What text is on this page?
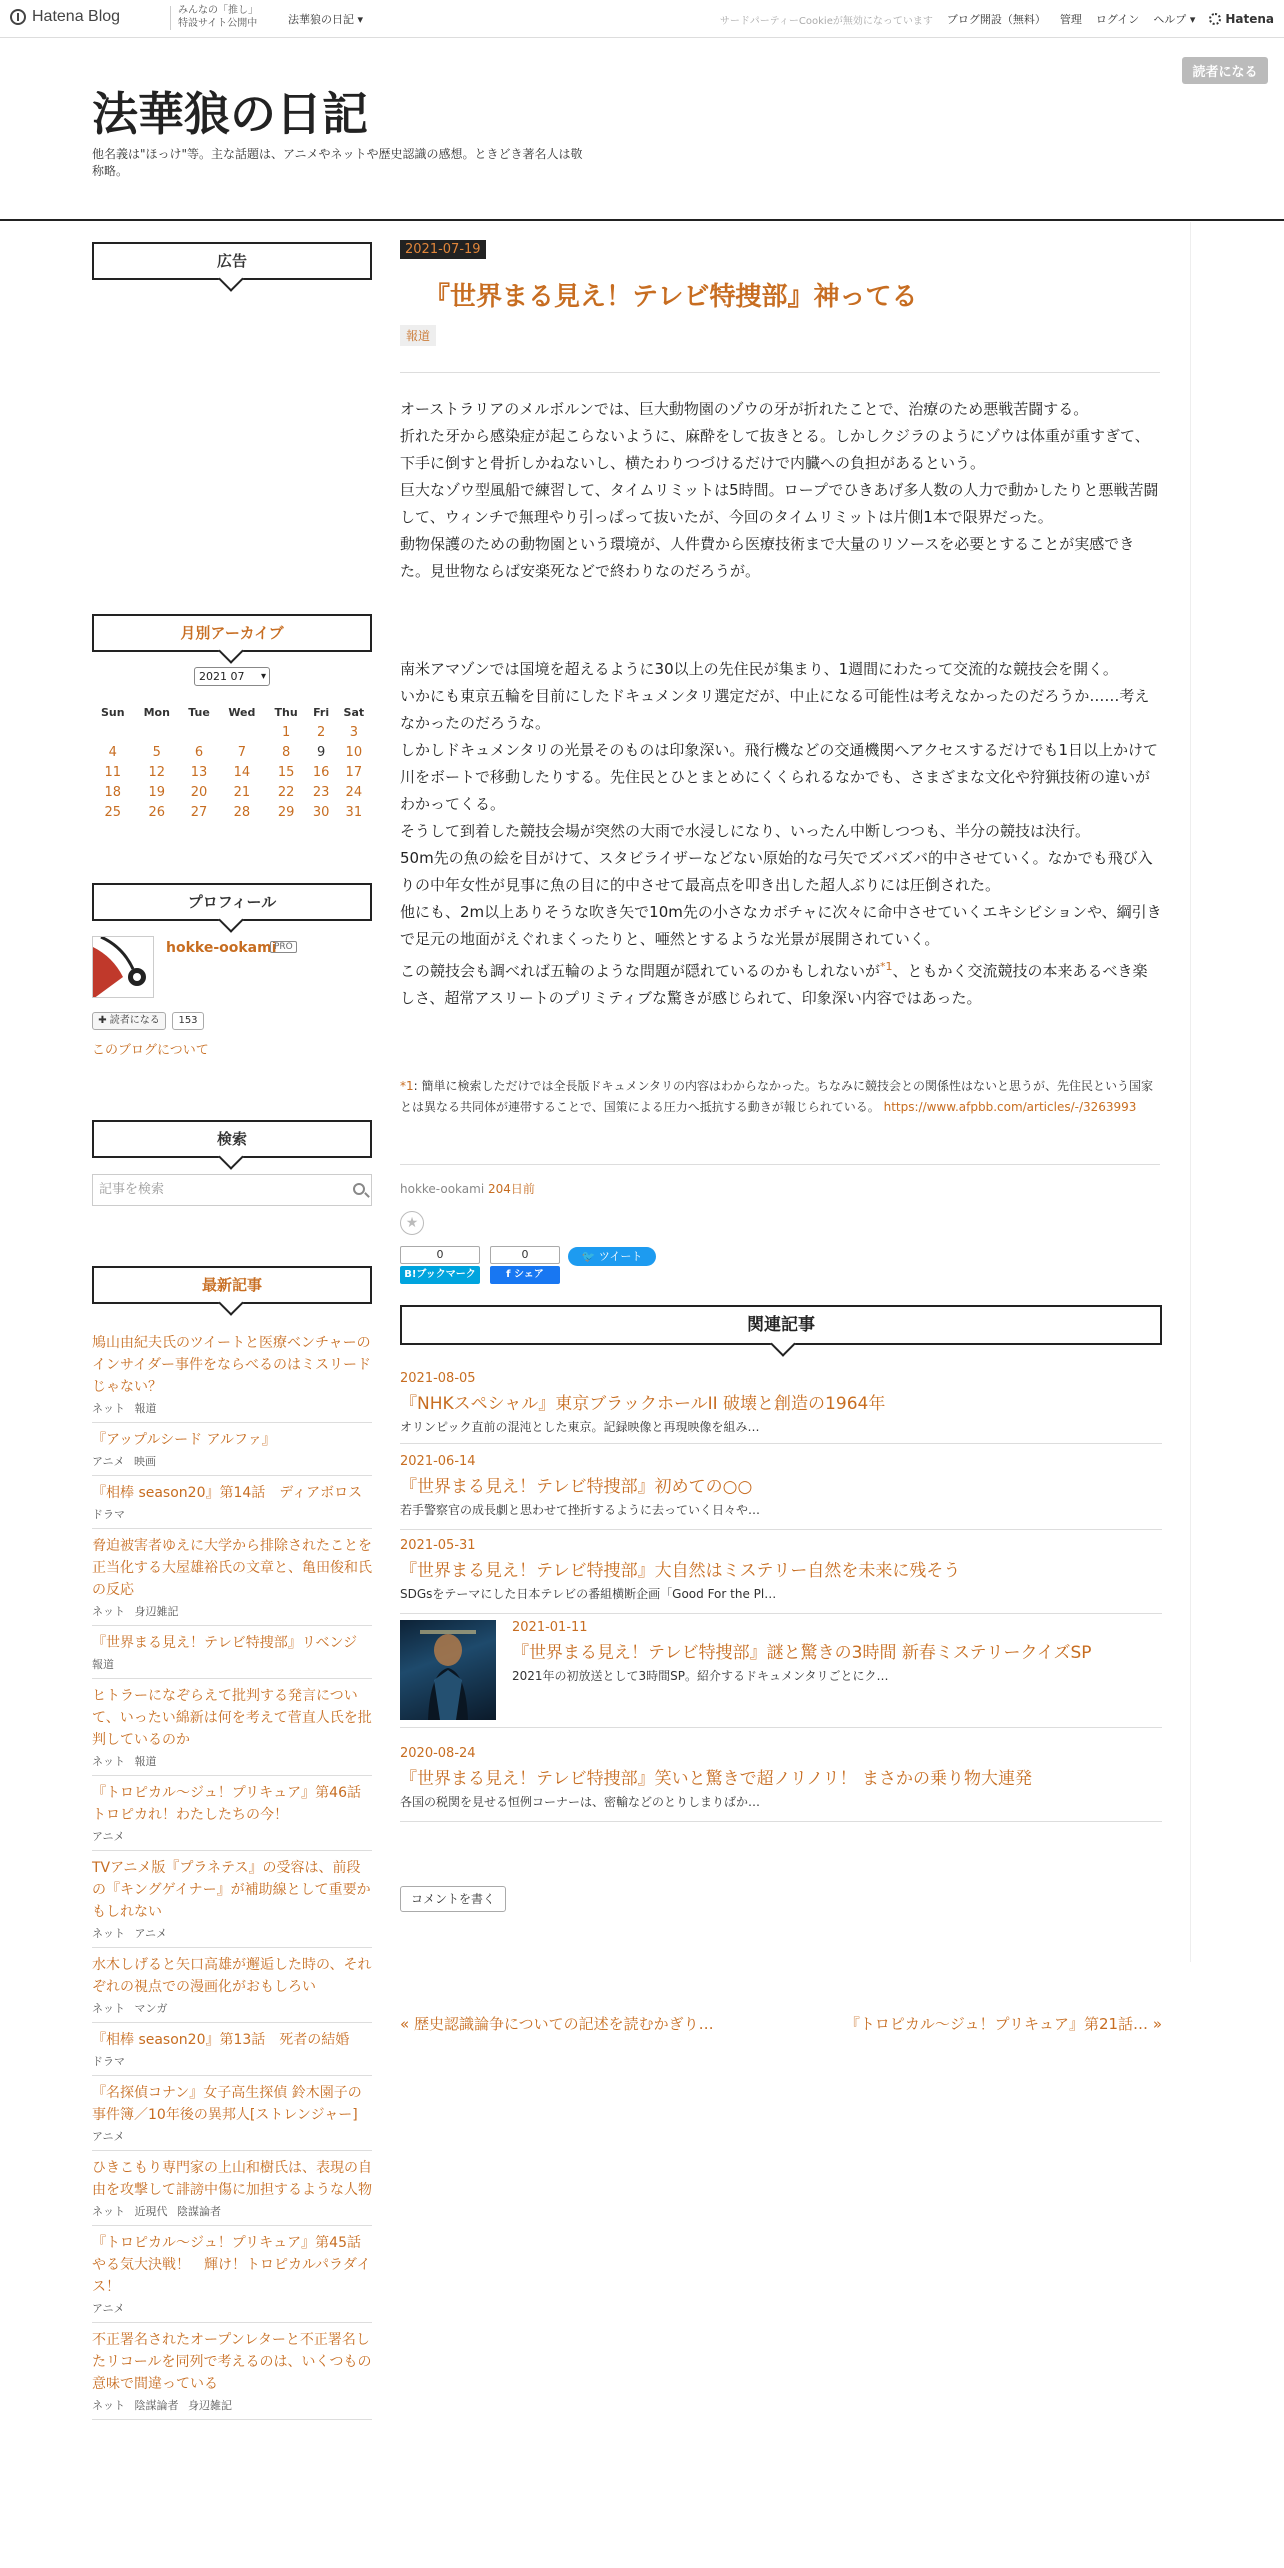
Hatena Blog	みんなの「推し」
特設サイト公開中	法華狼の日記 ▾	サードパーティーCookieが無効になっています ブログ開設（無料） 管理 ログイン ヘルプ ▾	Hatena
読者になる
法華狼の日記
他名義は"ほっけ"等。主な話題は、アニメやネットや歴史認識の感想。ときどき著名人は敬称略。
広告
月別アーカイブ
2021 07 ▾
Sun	Mon	Tue	Wed	Thu	Fri	Sat
				1	2	3
4	5	6	7	8	9	10
11	12	13	14	15	16	17
18	19	20	21	22	23	24
25	26	27	28	29	30	31
プロフィール
hokke-ookami
PRO
✚ 読者になる	153
このブログについて
検索
記事を検索
最新記事
鳩山由紀夫氏のツイートと医療ベンチャーのインサイダー事件をならべるのはミスリードじゃない？
ネット 報道
『アップルシード アルファ』
アニメ 映画
『相棒 season20』第14話　ディアボロス
ドラマ
脅迫被害者ゆえに大学から排除されたことを正当化する大屋雄裕氏の文章と、亀田俊和氏の反応
ネット 身辺雑記
『世界まる見え！テレビ特捜部』リベンジ
報道
ヒトラーになぞらえて批判する発言について、いったい綿新は何を考えて菅直人氏を批判しているのか
ネット 報道
『トロピカル～ジュ！プリキュア』第46話　トロピカれ！わたしたちの今！
アニメ
TVアニメ版『プラネテス』の受容は、前段の『キングゲイナー』が補助線として重要かもしれない
ネット アニメ
水木しげると矢口高雄が邂逅した時の、それぞれの視点での漫画化がおもしろい
ネット マンガ
『相棒 season20』第13話　死者の結婚
ドラマ
『名探偵コナン』女子高生探偵 鈴木園子の事件簿／10年後の異邦人[ストレンジャー]
アニメ
ひきこもり専門家の上山和樹氏は、表現の自由を攻撃して誹謗中傷に加担するような人物
ネット 近現代 陰謀論者
『トロピカル～ジュ！プリキュア』第45話　やる気大決戦！　輝け！トロピカルパラダイス！
アニメ
不正署名されたオープンレターと不正署名したリコールを同列で考えるのは、いくつもの意味で間違っている
ネット 陰謀論者 身辺雑記
2021-07-19
『世界まる見え！テレビ特捜部』神ってる
報道

オーストラリアのメルボルンでは、巨大動物園のゾウの牙が折れたことで、治療のため悪戦苦闘する。

折れた牙から感染症が起こらないように、麻酔をして抜きとる。しかしクジラのようにゾウは体重が重すぎて、下手に倒すと骨折しかねないし、横たわりつづけるだけで内臓への負担があるという。

巨大なゾウ型風船で練習して、タイムリミットは5時間。ロープでひきあげ多人数の人力で動かしたりと悪戦苦闘して、ウィンチで無理やり引っぱって抜いたが、今回のタイムリミットは片側1本で限界だった。

動物保護のための動物園という環境が、人件費から医療技術まで大量のリソースを必要とすることが実感できた。見世物ならば安楽死などで終わりなのだろうが。

南米アマゾンでは国境を超えるように30以上の先住民が集まり、1週間にわたって交流的な競技会を開く。

いかにも東京五輪を目前にしたドキュメンタリ選定だが、中止になる可能性は考えなかったのだろうか……考えなかったのだろうな。

しかしドキュメンタリの光景そのものは印象深い。飛行機などの交通機関へアクセスするだけでも1日以上かけて川をボートで移動したりする。先住民とひとまとめにくくられるなかでも、さまざまな文化や狩猟技術の違いがわかってくる。

そうして到着した競技会場が突然の大雨で水浸しになり、いったん中断しつつも、半分の競技は決行。

50m先の魚の絵を目がけて、スタビライザーなどない原始的な弓矢でズバズバ的中させていく。なかでも飛び入りの中年女性が見事に魚の目に的中させて最高点を叩き出した超人ぶりには圧倒された。

他にも、2m以上ありそうな吹き矢で10m先の小さなカボチャに次々に命中させていくエキシビションや、綱引きで足元の地面がえぐれまくったりと、唖然とするような光景が展開されていく。

この競技会も調べれば五輪のような問題が隠れているのかもしれないが$^{*1}$、ともかく交流競技の本来あるべき楽しさ、超常アスリートのプリミティブな驚きが感じられて、印象深い内容ではあった。

*1: 簡単に検索しただけでは全長版ドキュメンタリの内容はわからなかった。ちなみに競技会との関係性はないと思うが、先住民という国家とは異なる共同体が連帯することで、国策による圧力へ抵抗する動きが報じられている。 https://www.afpbb.com/articles/-/3263993
hokke-ookami 204日前
★
0
B!ブックマーク
0
f シェア
🐦 ツイート
関連記事
2021-08-05
『NHKスペシャル』東京ブラックホールII 破壊と創造の1964年
オリンピック直前の混沌とした東京。記録映像と再現映像を組み…
2021-06-14
『世界まる見え！テレビ特捜部』初めての○○
若手警察官の成長劇と思わせて挫折するように去っていく日々や…
2021-05-31
『世界まる見え！テレビ特捜部』大自然はミステリー自然を未来に残そう
SDGsをテーマにした日本テレビの番組横断企画「Good For the Pl…
2021-01-11
『世界まる見え！テレビ特捜部』謎と驚きの3時間 新春ミステリークイズSP
2021年の初放送として3時間SP。紹介するドキュメンタリごとにク…
2020-08-24
『世界まる見え！テレビ特捜部』笑いと驚きで超ノリノリ！ まさかの乗り物大連発
各国の税関を見せる恒例コーナーは、密輸などのとりしまりばか…
コメントを書く
« 歴史認識論争についての記述を読むかぎり…	『トロピカル～ジュ！プリキュア』第21話… »
